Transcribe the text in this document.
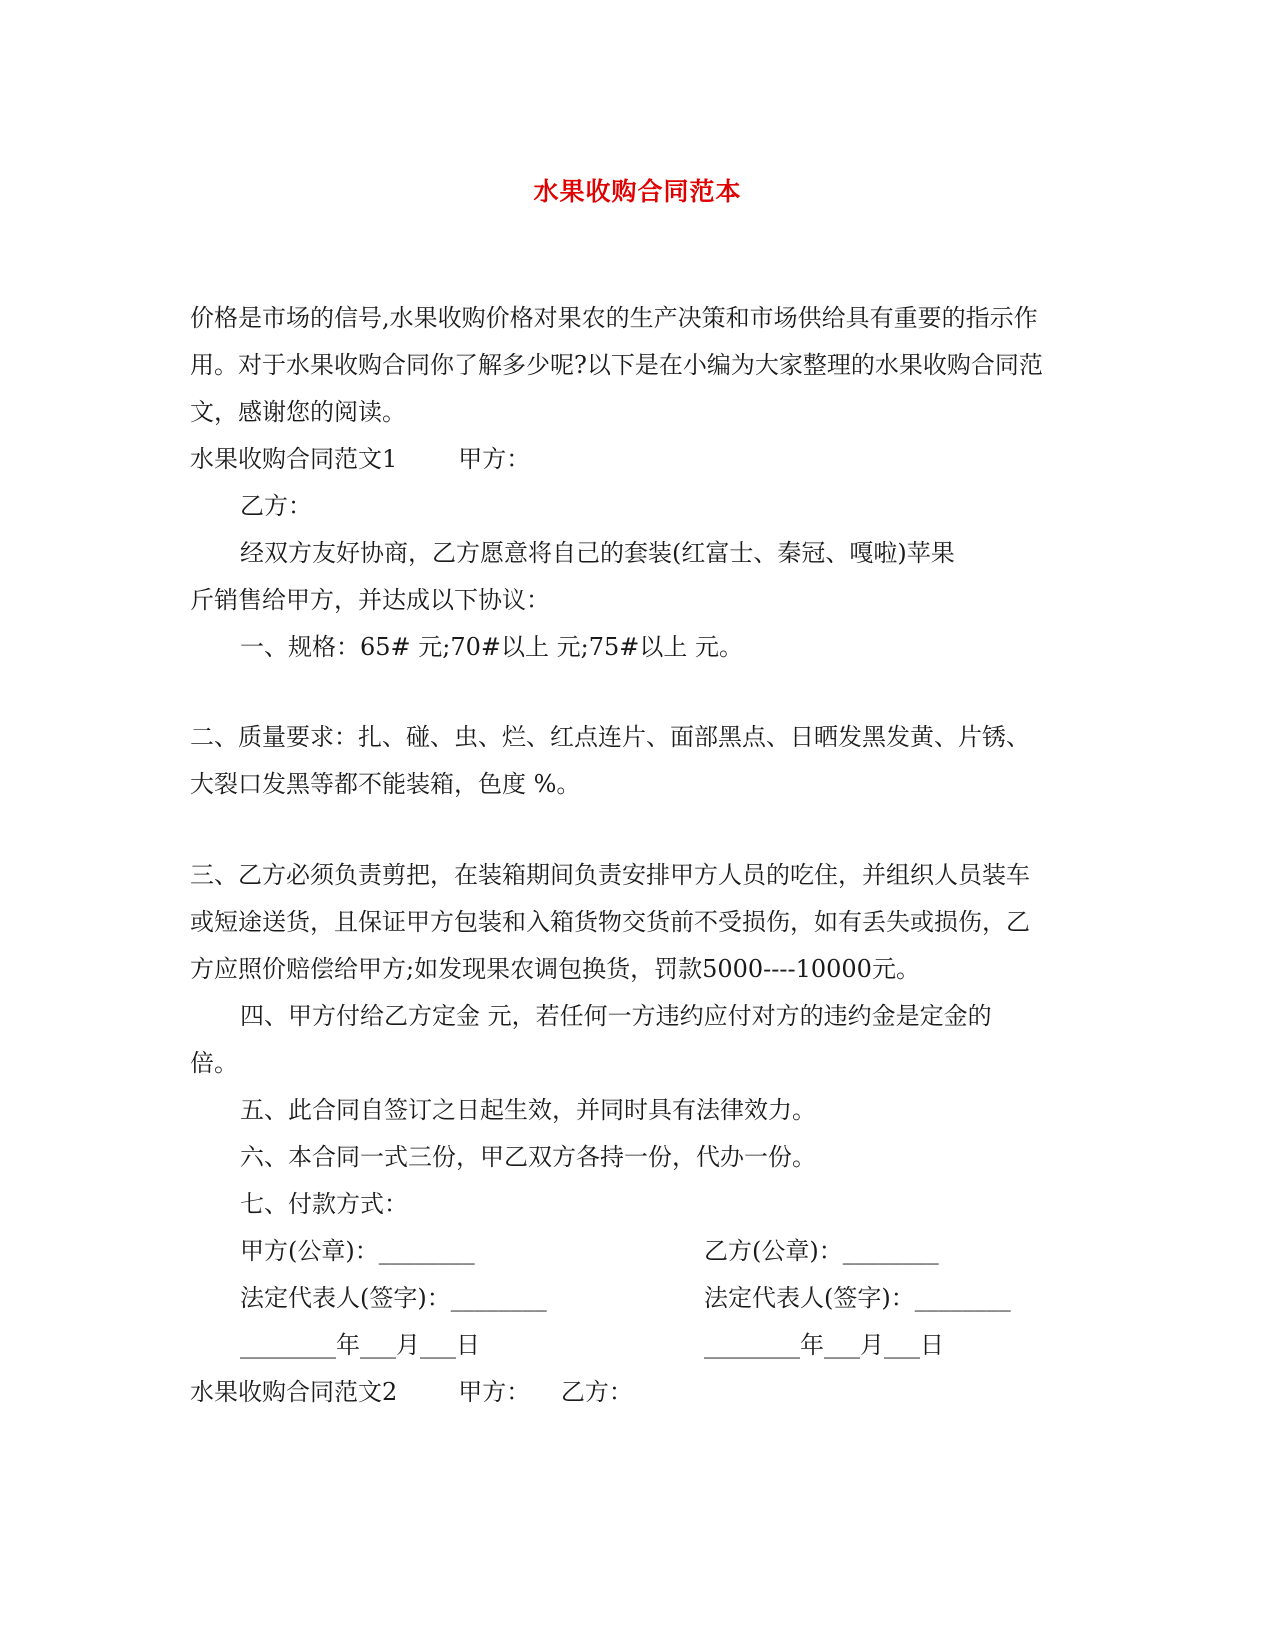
水果收购合同范本
价格是市场的信号,水果收购价格对果农的生产决策和市场供给具有重要的指示作
用。对于水果收购合同你了解多少呢?以下是在小编为大家整理的水果收购合同范
文，感谢您的阅读。
水果收购合同范文1        甲方：
乙方：
经双方友好协商，乙方愿意将自己的套装(红富士、秦冠、嘎啦)苹果
斤销售给甲方，并达成以下协议：
一、规格：65# 元;70#以上 元;75#以上 元。
二、质量要求：扎、碰、虫、烂、红点连片、面部黑点、日晒发黑发黄、片锈、
大裂口发黑等都不能装箱，色度 %。
三、乙方必须负责剪把，在装箱期间负责安排甲方人员的吃住，并组织人员装车
或短途送货，且保证甲方包装和入箱货物交货前不受损伤，如有丢失或损伤，乙
方应照价赔偿给甲方;如发现果农调包换货，罚款5000----10000元。
四、甲方付给乙方定金 元，若任何一方违约应付对方的违约金是定金的
倍。
五、此合同自签订之日起生效，并同时具有法律效力。
六、本合同一式三份，甲乙双方各持一份，代办一份。
七、付款方式：
甲方(公章)：________	乙方(公章)：________
法定代表人(签字)：________	法定代表人(签字)：________
________年___月___日	________年___月___日
水果收购合同范文2        甲方：    乙方：
